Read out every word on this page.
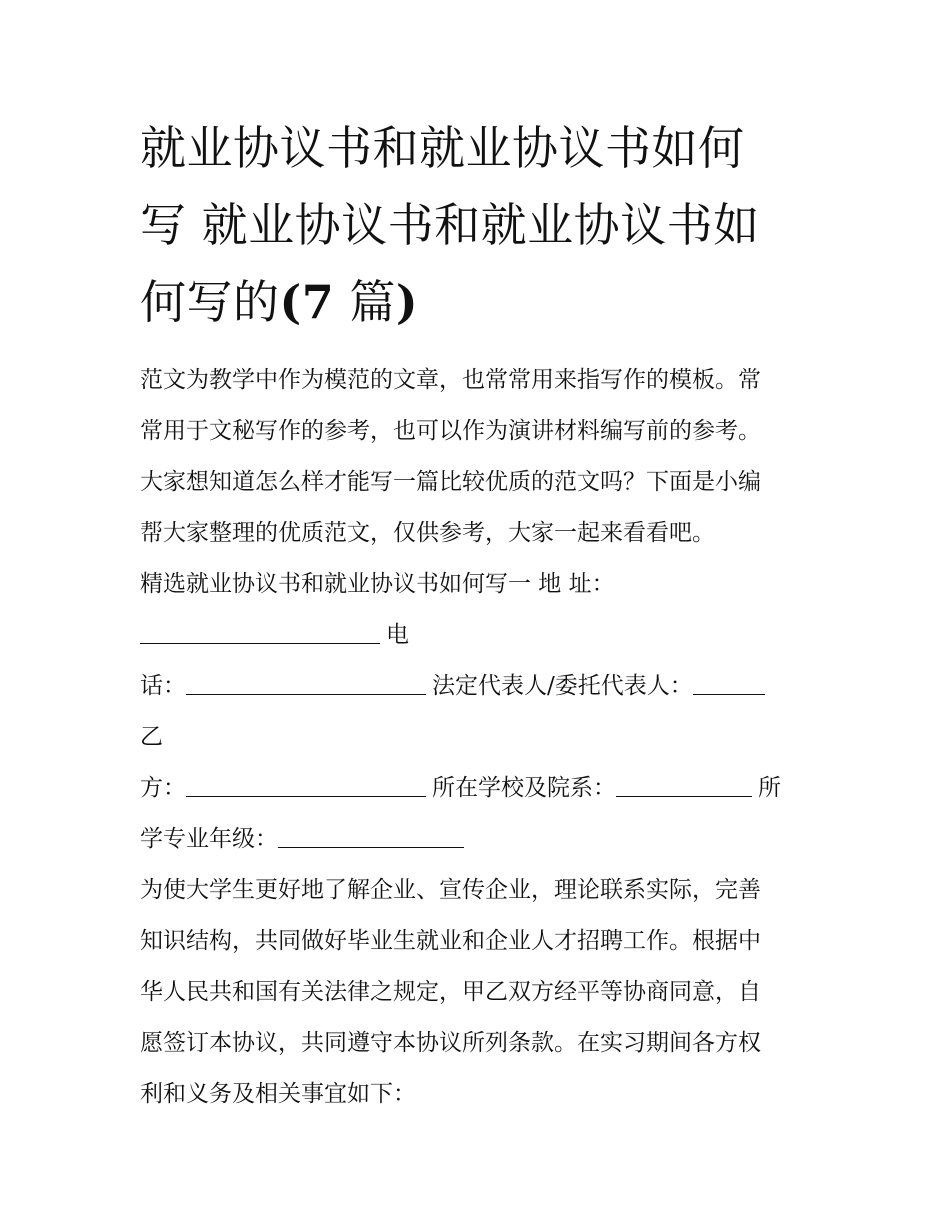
就业协议书和就业协议书如何
写 就业协议书和就业协议书如
何写的(7 篇)
范文为教学中作为模范的文章，也常常用来指写作的模板。常
常用于文秘写作的参考，也可以作为演讲材料编写前的参考。
大家想知道怎么样才能写一篇比较优质的范文吗？下面是小编
帮大家整理的优质范文，仅供参考，大家一起来看看吧。
精选就业协议书和就业协议书如何写一 地 址：
电
话：	法定代表人/委托代表人：
乙
方：	所在学校及院系：	所
学专业年级：
为使大学生更好地了解企业、宣传企业，理论联系实际，完善
知识结构，共同做好毕业生就业和企业人才招聘工作。根据中
华人民共和国有关法律之规定，甲乙双方经平等协商同意，自
愿签订本协议，共同遵守本协议所列条款。在实习期间各方权
利和义务及相关事宜如下：
